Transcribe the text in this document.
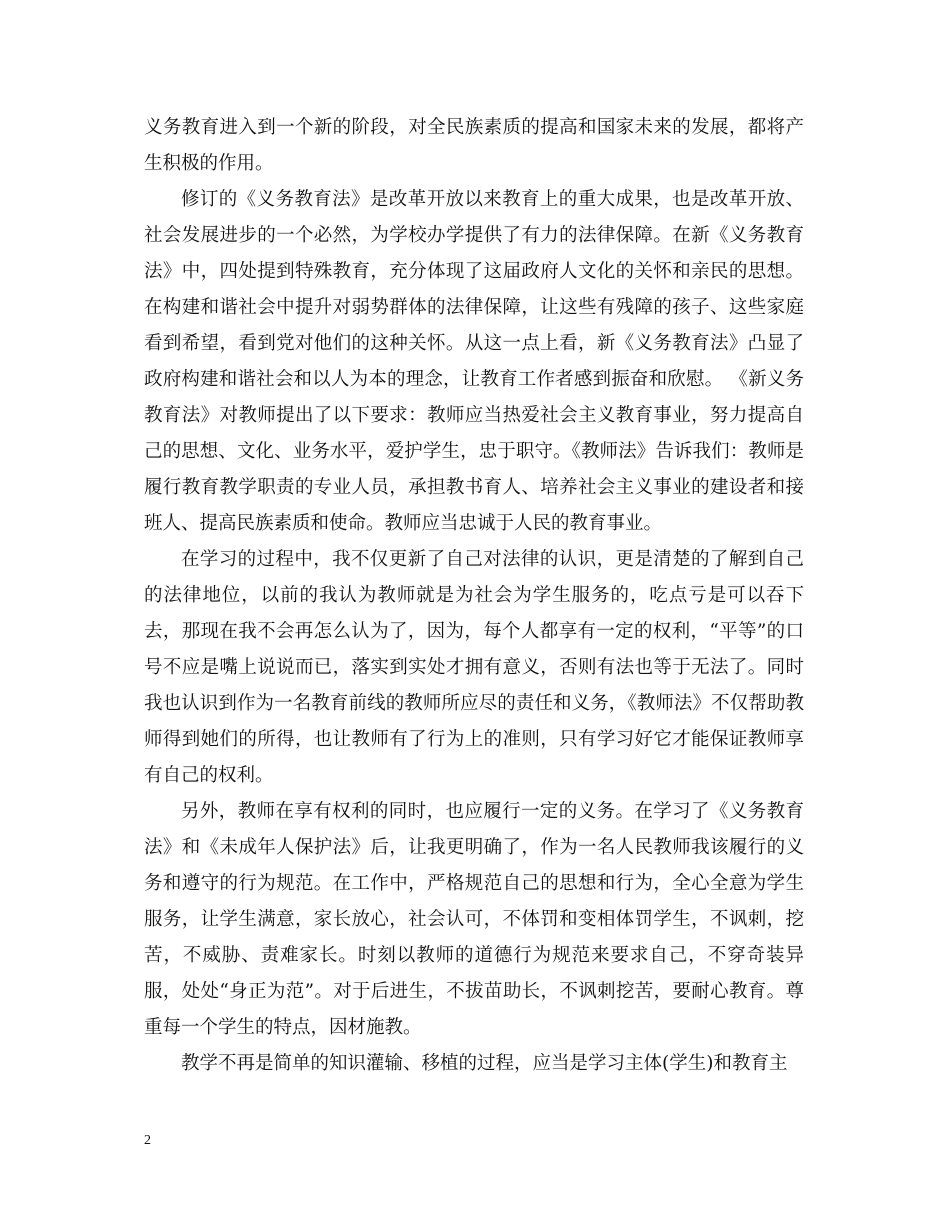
义务教育进入到一个新的阶段，对全民族素质的提高和国家未来的发展，都将产生积极的作用。

修订的《义务教育法》是改革开放以来教育上的重大成果，也是改革开放、社会发展进步的一个必然，为学校办学提供了有力的法律保障。在新《义务教育法》中，四处提到特殊教育，充分体现了这届政府人文化的关怀和亲民的思想。在构建和谐社会中提升对弱势群体的法律保障，让这些有残障的孩子、这些家庭看到希望，看到党对他们的这种关怀。从这一点上看，新《义务教育法》凸显了政府构建和谐社会和以人为本的理念，让教育工作者感到振奋和欣慰。 《新义务教育法》对教师提出了以下要求：教师应当热爱社会主义教育事业，努力提高自己的思想、文化、业务水平，爱护学生，忠于职守。《教师法》告诉我们：教师是履行教育教学职责的专业人员，承担教书育人、培养社会主义事业的建设者和接班人、提高民族素质和使命。教师应当忠诚于人民的教育事业。

在学习的过程中，我不仅更新了自己对法律的认识，更是清楚的了解到自己的法律地位，以前的我认为教师就是为社会为学生服务的，吃点亏是可以吞下去，那现在我不会再怎么认为了，因为，每个人都享有一定的权利，“平等”的口号不应是嘴上说说而已，落实到实处才拥有意义，否则有法也等于无法了。同时我也认识到作为一名教育前线的教师所应尽的责任和义务，《教师法》不仅帮助教师得到她们的所得，也让教师有了行为上的准则，只有学习好它才能保证教师享有自己的权利。

另外，教师在享有权利的同时，也应履行一定的义务。在学习了《义务教育法》和《未成年人保护法》后，让我更明确了，作为一名人民教师我该履行的义务和遵守的行为规范。在工作中，严格规范自己的思想和行为，全心全意为学生服务，让学生满意，家长放心，社会认可，不体罚和变相体罚学生，不讽刺，挖苦，不威胁、责难家长。时刻以教师的道德行为规范来要求自己，不穿奇装异服，处处“身正为范”。对于后进生，不拔苗助长，不讽刺挖苦，要耐心教育。尊重每一个学生的特点，因材施教。

教学不再是简单的知识灌输、移植的过程，应当是学习主体(学生)和教育主

2
